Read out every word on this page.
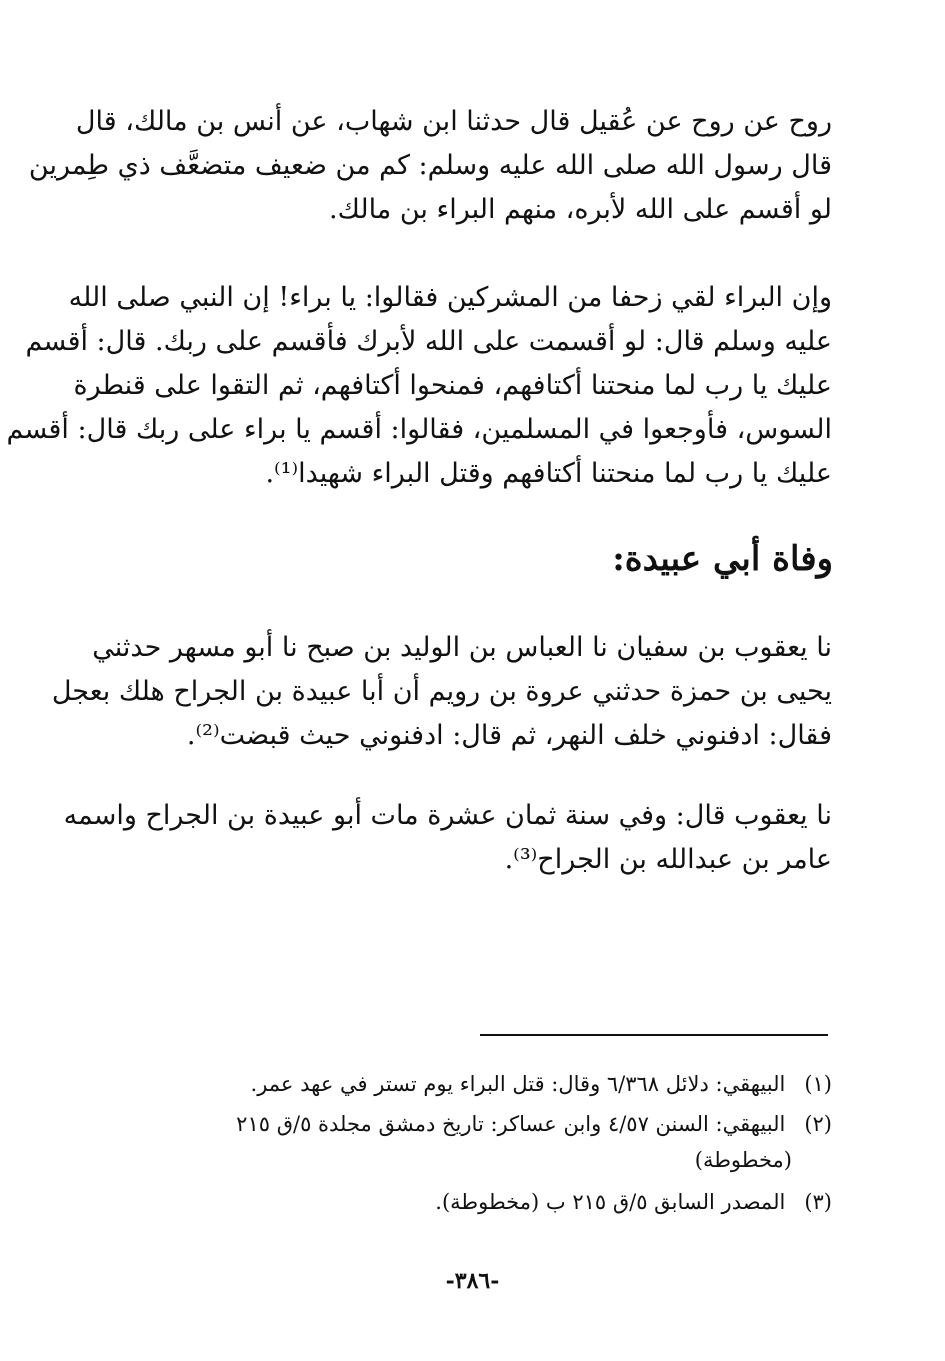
روح عن روح عن عُقيل قال حدثنا ابن شهاب، عن أنس بن مالك، قال
قال رسول الله صلى الله عليه وسلم: كم من ضعيف متضعَّف ذي طِمرين
لو أقسم على الله لأبره، منهم البراء بن مالك.
وإن البراء لقي زحفا من المشركين فقالوا: يا براء! إن النبي صلى الله
عليه وسلم قال: لو أقسمت على الله لأبرك فأقسم على ربك. قال: أقسم
عليك يا رب لما منحتنا أكتافهم، فمنحوا أكتافهم، ثم التقوا على قنطرة
السوس، فأوجعوا في المسلمين، فقالوا: أقسم يا براء على ربك قال: أقسم
عليك يا رب لما منحتنا أكتافهم وقتل البراء شهيدا⁽¹⁾.
وفاة أبي عبيدة:
نا يعقوب بن سفيان نا العباس بن الوليد بن صبح نا أبو مسهر حدثني
يحيى بن حمزة حدثني عروة بن رويم أن أبا عبيدة بن الجراح هلك بعجل
فقال: ادفنوني خلف النهر، ثم قال: ادفنوني حيث قبضت⁽²⁾.
نا يعقوب قال: وفي سنة ثمان عشرة مات أبو عبيدة بن الجراح واسمه
عامر بن عبدالله بن الجراح⁽³⁾.
(١) البيهقي: دلائل ٦/٣٦٨ وقال: قتل البراء يوم تستر في عهد عمر.
(٢) البيهقي: السنن ٤/٥٧ وابن عساكر: تاريخ دمشق مجلدة ٥/ق ٢١٥
(مخطوطة)
(٣) المصدر السابق ٥/ق ٢١٥ ب (مخطوطة).
-٣٨٦-
